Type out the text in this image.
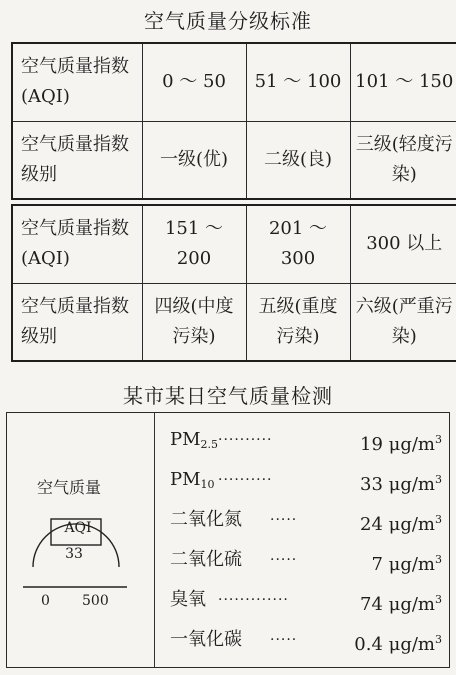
空气质量分级标准
空气质量指数(AQI)	0 ～ 50	51 ～ 100	101 ～ 150
空气质量指数级别	一级(优)	二级(良)	三级(轻度污染)
空气质量指数(AQI)	151 ～ 200	201 ～ 300	300 以上
空气质量指数级别	四级(中度污染)	五级(重度污染)	六级(严重污染)
某市某日空气质量检测
空气质量
AQI
33
0 500
$PM_{2.5}$ ··········	19 $\mu g/m^3$
$PM_{10}$ ··········	33 $\mu g/m^3$
二氧化氮 ·····	24 $\mu g/m^3$
二氧化硫 ·····	7 $\mu g/m^3$
臭氧 ·············	74 $\mu g/m^3$
一氧化碳 ·····	0.4 $\mu g/m^3$
